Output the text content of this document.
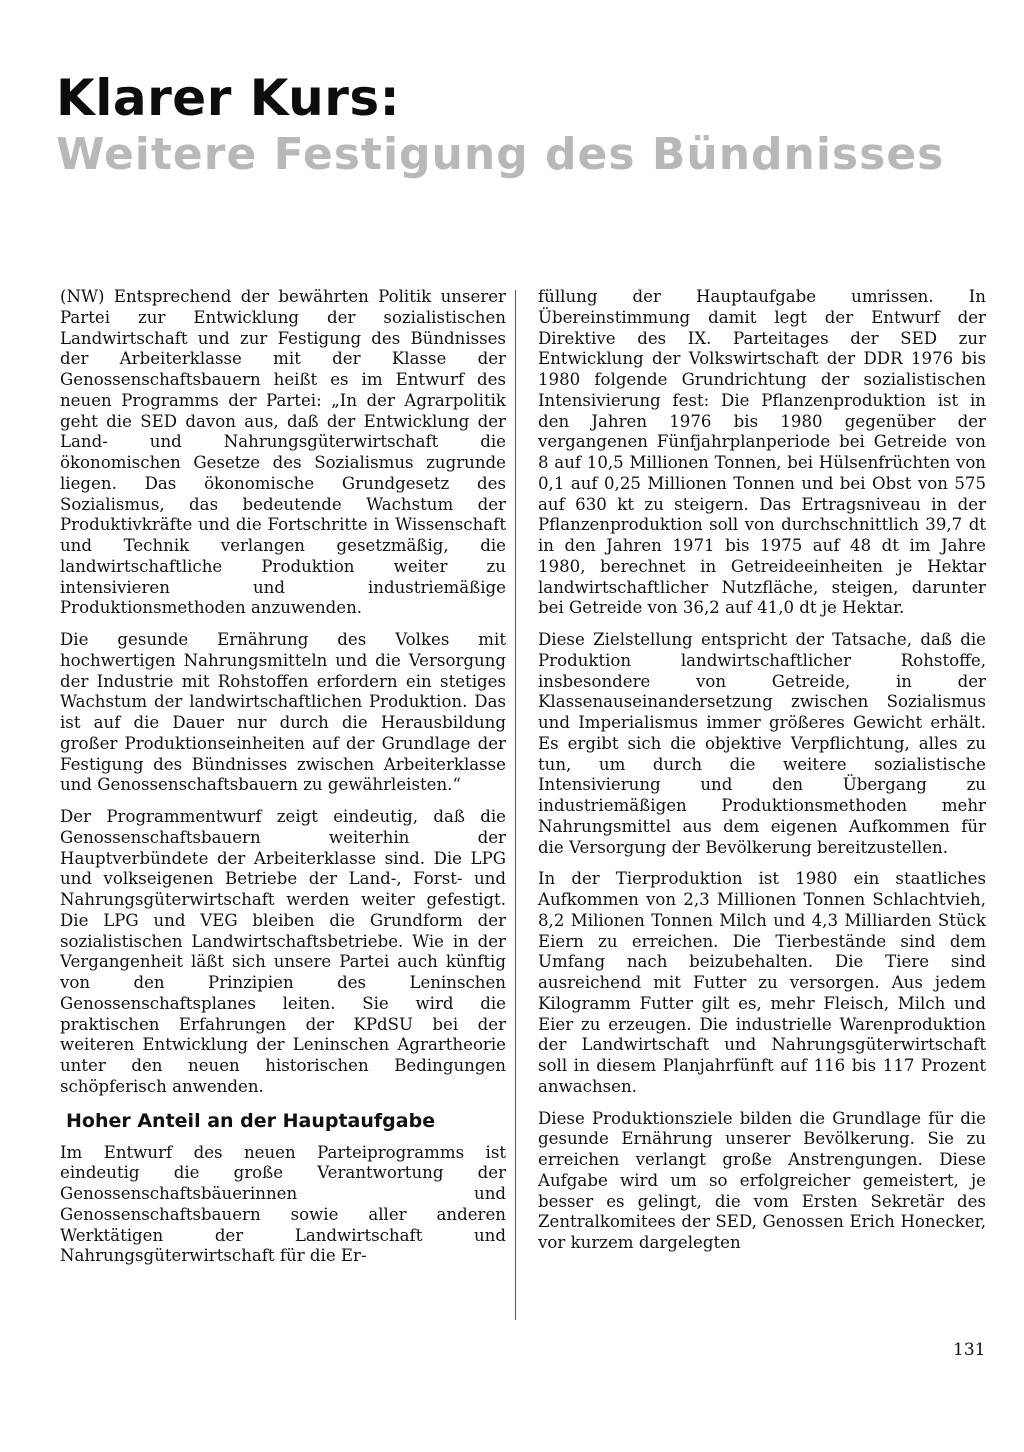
Klarer Kurs:
Weitere Festigung des Bündnisses

(NW) Entsprechend der bewährten Politik unserer Partei zur Entwicklung der sozialistischen Landwirtschaft und zur Festigung des Bündnisses der Arbeiterklasse mit der Klasse der Genossenschaftsbauern heißt es im Entwurf des neuen Programms der Partei: „In der Agrarpolitik geht die SED davon aus, daß der Entwicklung der Land- und Nahrungsgüterwirtschaft die ökonomischen Gesetze des Sozialismus zugrunde liegen. Das ökonomische Grundgesetz des Sozialismus, das bedeutende Wachstum der Produktivkräfte und die Fortschritte in Wissenschaft und Technik verlangen gesetzmäßig, die landwirtschaftliche Produktion weiter zu intensivieren und industriemäßige Produktionsmethoden anzuwenden.

Die gesunde Ernährung des Volkes mit hochwertigen Nahrungsmitteln und die Versorgung der Industrie mit Rohstoffen erfordern ein stetiges Wachstum der landwirtschaftlichen Produktion. Das ist auf die Dauer nur durch die Herausbildung großer Produktionseinheiten auf der Grundlage der Festigung des Bündnisses zwischen Arbeiterklasse und Genossenschaftsbauern zu gewährleisten.“

Der Programmentwurf zeigt eindeutig, daß die Genossenschaftsbauern weiterhin der Hauptverbündete der Arbeiterklasse sind. Die LPG und volkseigenen Betriebe der Land-, Forst- und Nahrungsgüterwirtschaft werden weiter gefestigt. Die LPG und VEG bleiben die Grundform der sozialistischen Landwirtschaftsbetriebe. Wie in der Vergangenheit läßt sich unsere Partei auch künftig von den Prinzipien des Leninschen Genossenschaftsplanes leiten. Sie wird die praktischen Erfahrungen der KPdSU bei der weiteren Entwicklung der Leninschen Agrartheorie unter den neuen historischen Bedingungen schöpferisch anwenden.

Hoher Anteil an der Hauptaufgabe

Im Entwurf des neuen Parteiprogramms ist eindeutig die große Verantwortung der Genossenschaftsbäuerinnen und Genossenschaftsbauern sowie aller anderen Werktätigen der Landwirtschaft und Nahrungsgüterwirtschaft für die Er-

füllung der Hauptaufgabe umrissen. In Übereinstimmung damit legt der Entwurf der Direktive des IX. Parteitages der SED zur Entwicklung der Volkswirtschaft der DDR 1976 bis 1980 folgende Grundrichtung der sozialistischen Intensivierung fest: Die Pflanzenproduktion ist in den Jahren 1976 bis 1980 gegenüber der vergangenen Fünfjahrplanperiode bei Getreide von 8 auf 10,5 Millionen Tonnen, bei Hülsenfrüchten von 0,1 auf 0,25 Millionen Tonnen und bei Obst von 575 auf 630 kt zu steigern. Das Ertragsniveau in der Pflanzenproduktion soll von durchschnittlich 39,7 dt in den Jahren 1971 bis 1975 auf 48 dt im Jahre 1980, berechnet in Getreideeinheiten je Hektar landwirtschaftlicher Nutzfläche, steigen, darunter bei Getreide von 36,2 auf 41,0 dt je Hektar.

Diese Zielstellung entspricht der Tatsache, daß die Produktion landwirtschaftlicher Rohstoffe, insbesondere von Getreide, in der Klassenauseinandersetzung zwischen Sozialismus und Imperialismus immer größeres Gewicht erhält. Es ergibt sich die objektive Verpflichtung, alles zu tun, um durch die weitere sozialistische Intensivierung und den Übergang zu industriemäßigen Produktionsmethoden mehr Nahrungsmittel aus dem eigenen Aufkommen für die Versorgung der Bevölkerung bereitzustellen.

In der Tierproduktion ist 1980 ein staatliches Aufkommen von 2,3 Millionen Tonnen Schlachtvieh, 8,2 Milionen Tonnen Milch und 4,3 Milliarden Stück Eiern zu erreichen. Die Tierbestände sind dem Umfang nach beizubehalten. Die Tiere sind ausreichend mit Futter zu versorgen. Aus jedem Kilogramm Futter gilt es, mehr Fleisch, Milch und Eier zu erzeugen. Die industrielle Warenproduktion der Landwirtschaft und Nahrungsgüterwirtschaft soll in diesem Planjahrfünft auf 116 bis 117 Prozent anwachsen.

Diese Produktionsziele bilden die Grundlage für die gesunde Ernährung unserer Bevölkerung. Sie zu erreichen verlangt große Anstrengungen. Diese Aufgabe wird um so erfolgreicher gemeistert, je besser es gelingt, die vom Ersten Sekretär des Zentralkomitees der SED, Genossen Erich Honecker, vor kurzem dargelegten

131
